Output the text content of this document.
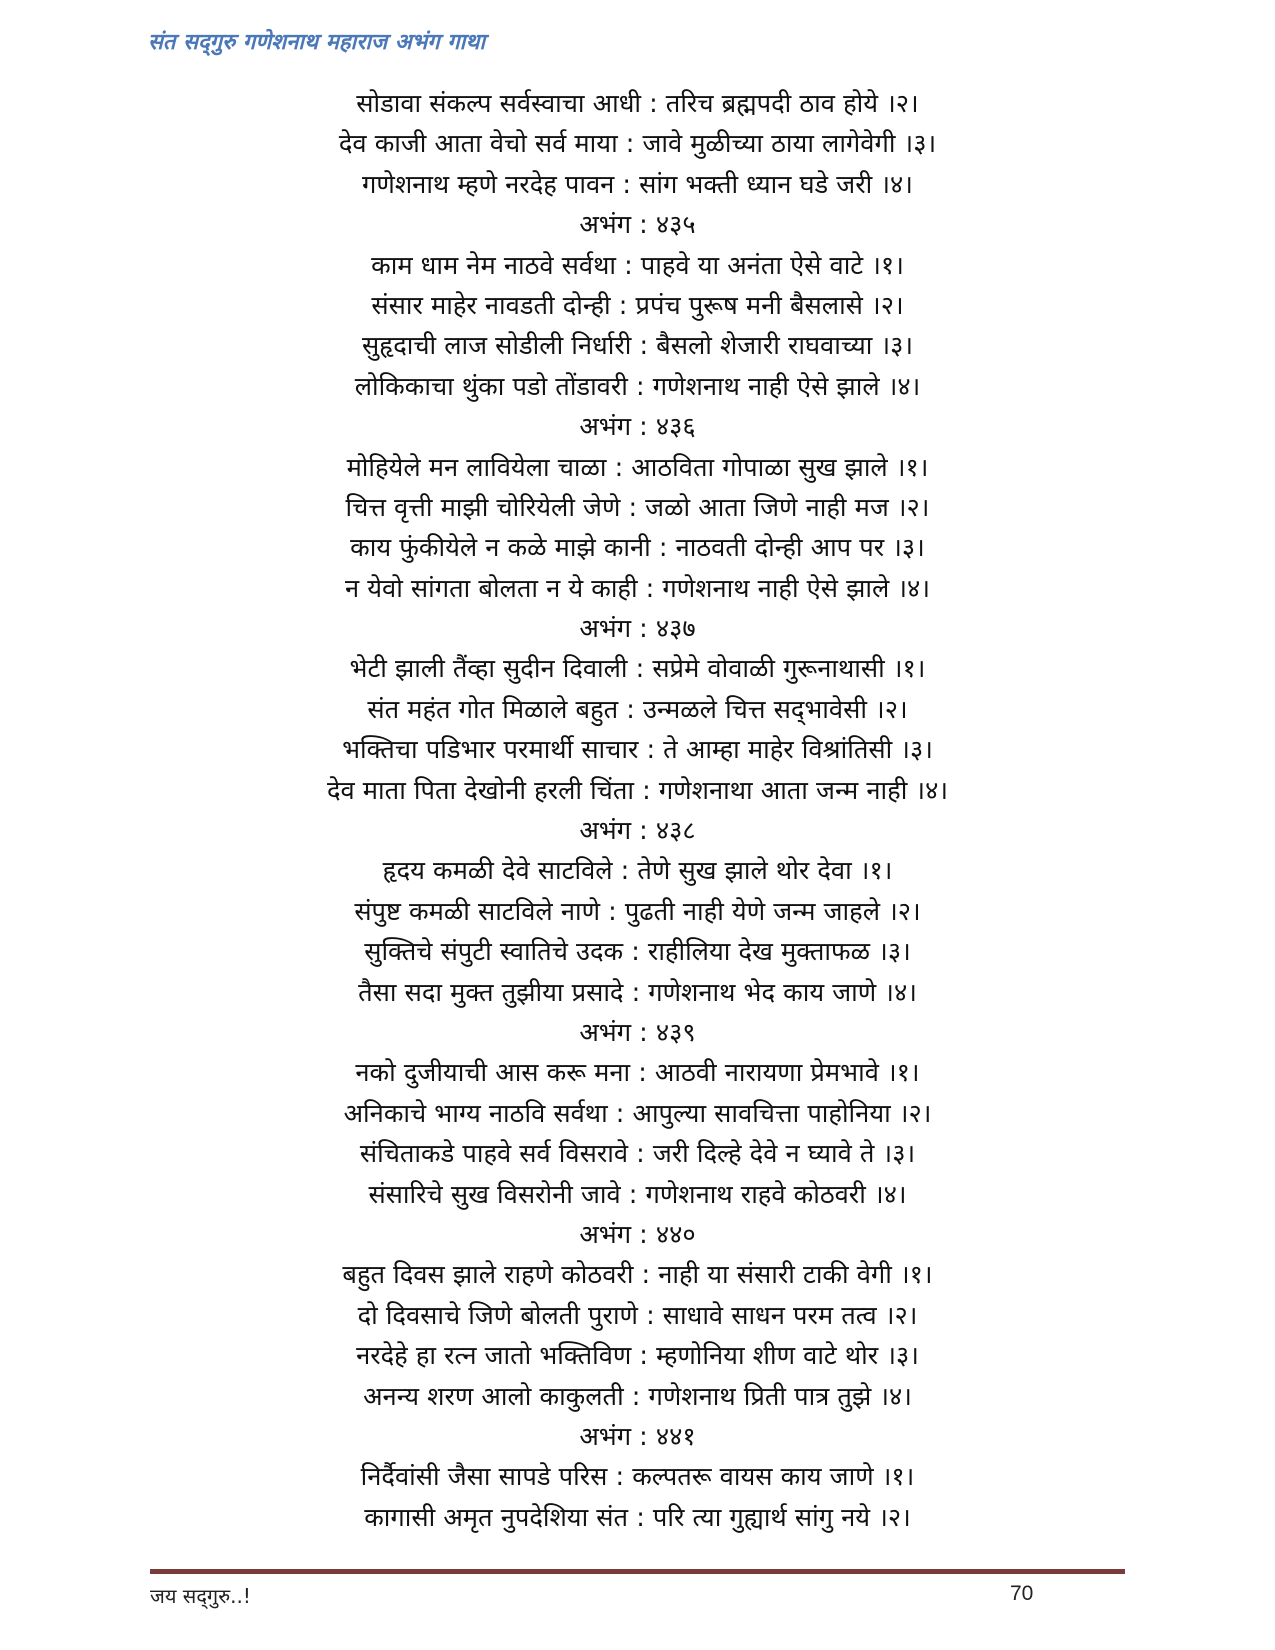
संत सद्‌गुरु गणेशनाथ महाराज अभंग गाथा
सोडावा संकल्प सर्वस्वाचा आधी : तरिच ब्रह्मपदी ठाव होये ।२।
देव काजी आता वेचो सर्व माया : जावे मुळीच्या ठाया लागेवेगी ।३।
गणेशनाथ म्हणे नरदेह पावन : सांग भक्ती ध्यान घडे जरी ।४।
अभंग : ४३५
काम धाम नेम नाठवे सर्वथा : पाहवे या अनंता ऐसे वाटे ।१।
संसार माहेर नावडती दोन्ही : प्रपंच पुरूष मनी बैसलासे ।२।
सुहृदाची लाज सोडीली निर्धारी : बैसलो शेजारी राघवाच्या ।३।
लोकिकाचा थुंका पडो तोंडावरी : गणेशनाथ नाही ऐसे झाले ।४।
अभंग : ४३६
मोहियेले मन लावियेला चाळा : आठविता गोपाळा सुख झाले ।१।
चित्त वृत्ती माझी चोरियेली जेणे : जळो आता जिणे नाही मज ।२।
काय फुंकीयेले न कळे माझे कानी : नाठवती दोन्ही आप पर ।३।
न येवो सांगता बोलता न ये काही : गणेशनाथ नाही ऐसे झाले ।४।
अभंग : ४३७
भेटी झाली तैंव्हा सुदीन दिवाली : सप्रेमे वोवाळी गुरूनाथासी ।१।
संत महंत गोत मिळाले बहुत : उन्मळले चित्त सद्‌भावेसी ।२।
भक्तिचा पडिभार परमार्थी साचार : ते आम्हा माहेर विश्रांतिसी ।३।
देव माता पिता देखोनी हरली चिंता : गणेशनाथा आता जन्म नाही ।४।
अभंग : ४३८
हृदय कमळी देवे साटविले : तेणे सुख झाले थोर देवा ।१।
संपुष्ट कमळी साटविले नाणे : पुढती नाही येणे जन्म जाहले ।२।
सुक्तिचे संपुटी स्वातिचे उदक : राहीलिया देख मुक्ताफळ ।३।
तैसा सदा मुक्त तुझीया प्रसादे : गणेशनाथ भेद काय जाणे ।४।
अभंग : ४३९
नको दुजीयाची आस करू मना : आठवी नारायणा प्रेमभावे ।१।
अनिकाचे भाग्य नाठवि सर्वथा : आपुल्या सावचित्ता पाहोनिया ।२।
संचिताकडे पाहवे सर्व विसरावे : जरी दिल्हे देवे न घ्यावे ते ।३।
संसारिचे सुख विसरोनी जावे : गणेशनाथ राहवे कोठवरी ।४।
अभंग : ४४०
बहुत दिवस झाले राहणे कोठवरी : नाही या संसारी टाकी वेगी ।१।
दो दिवसाचे जिणे बोलती पुराणे : साधावे साधन परम तत्व ।२।
नरदेहे हा रत्न जातो भक्तिविण : म्हणोनिया शीण वाटे थोर ।३।
अनन्य शरण आलो काकुलती : गणेशनाथ प्रिती पात्र तुझे ।४।
अभंग : ४४१
निर्दैवांसी जैसा सापडे परिस : कल्पतरू वायस काय जाणे ।१।
कागासी अमृत नुपदेशिया संत : परि त्या गुह्यार्थ सांगु नये ।२।
जय सद्‌गुरु..!	70
